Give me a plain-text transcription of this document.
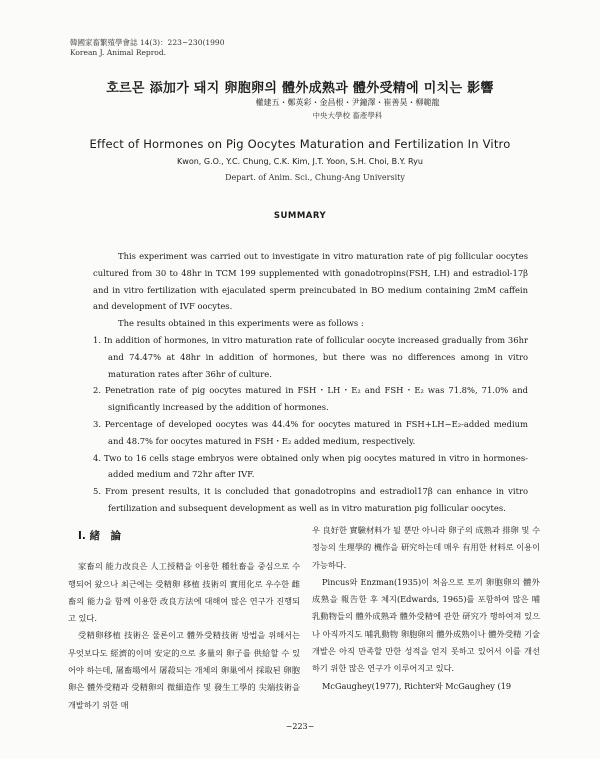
韓國家畜繁殖學會誌 14(3)：223~230(1990
Korean J. Animal Reprod.
호르몬 添加가 돼지 卵胞卵의 體外成熟과 體外受精에 미치는 影響
權建五・鄭英彩・金昌根・尹鐘澤・崔善昊・柳範龍
中央大學校 畜產學科
Effect of Hormones on Pig Oocytes Maturation and Fertilization In Vitro
Kwon, G.O., Y.C. Chung, C.K. Kim, J.T. Yoon, S.H. Choi, B.Y. Ryu
Depart. of Anim. Sci., Chung-Ang University
SUMMARY

This experiment was carried out to investigate in vitro maturation rate of pig follicular oocytes cultured from 30 to 48hr in TCM 199 supplemented with gonadotropins(FSH, LH) and estradiol-17β and in vitro fertilization with ejaculated sperm preincubated in BO medium containing 2mM caffein and development of IVF oocytes.

The results obtained in this experiments were as follows :

1. In addition of hormones, in vitro maturation rate of follicular oocyte increased gradually from 36hr and 74.47% at 48hr in addition of hormones, but there was no differences among in vitro maturation rates after 36hr of culture.
2. Penetration rate of pig oocytes matured in FSH・LH・E₂ and FSH・E₂ was 71.8%, 71.0% and significantly increased by the addition of hormones.
3. Percentage of developed oocytes was 44.4% for oocytes matured in FSH+LH−E₂-added medium and 48.7% for oocytes matured in FSH・E₂ added medium, respectively.
4. Two to 16 cells stage embryos were obtained only when pig oocytes matured in vitro in hormones-added medium and 72hr after IVF.
5. From present results, it is concluded that gonadotropins and estradiol17β can enhance in vitro fertilization and subsequent development as well as in vitro maturation pig follicular oocytes.
Ⅰ. 緒　論

家畜의 能力改良은 人工授精을 이용한 種牡畜을 중심으로 수행되어 왔으나 최근에는 受精卵 移植 技術의 實用化로 우수한 雌畜의 能力을 함께 이용한 改良方法에 대해여 많은 연구가 진행되고 있다.

受精卵移植 技術은 물론이고 體外受精技術 방법을 위해서는 무엇보다도 經濟的이며 安定的으로 多量의 卵子를 供給할 수 있어야 하는데, 屠畜場에서 屠殺되는 개체의 卵巢에서 採取된 卵胞卵은 體外受精과 受精卵의 微細造作 및 發生工學的 尖端技術을 개발하기 위한 매

우 良好한 實驗材料가 될 뿐만 아니라 卵子의 成熟과 排卵 및 수정능의 生理學的 機作을 研究하는데 매우 有用한 材料로 이용이 가능하다.

Pincus와 Enzman(1935)이 처음으로 토끼 卵胞卵의 體外成熟을 報告한 후 체지(Edwards, 1965)를 포함하여 많은 哺乳動物들의 體外成熟과 體外受精에 관한 研究가 행하여져 있으나 아직까지도 哺乳動物 卵胞卵의 體外成熟이나 體外受精 기술개발은 아직 만족할 만한 성적을 얻지 못하고 있어서 이를 개선하기 위한 많은 연구가 이루어지고 있다.

McGaughey(1977), Richter와 McGaughey (19

−223−
